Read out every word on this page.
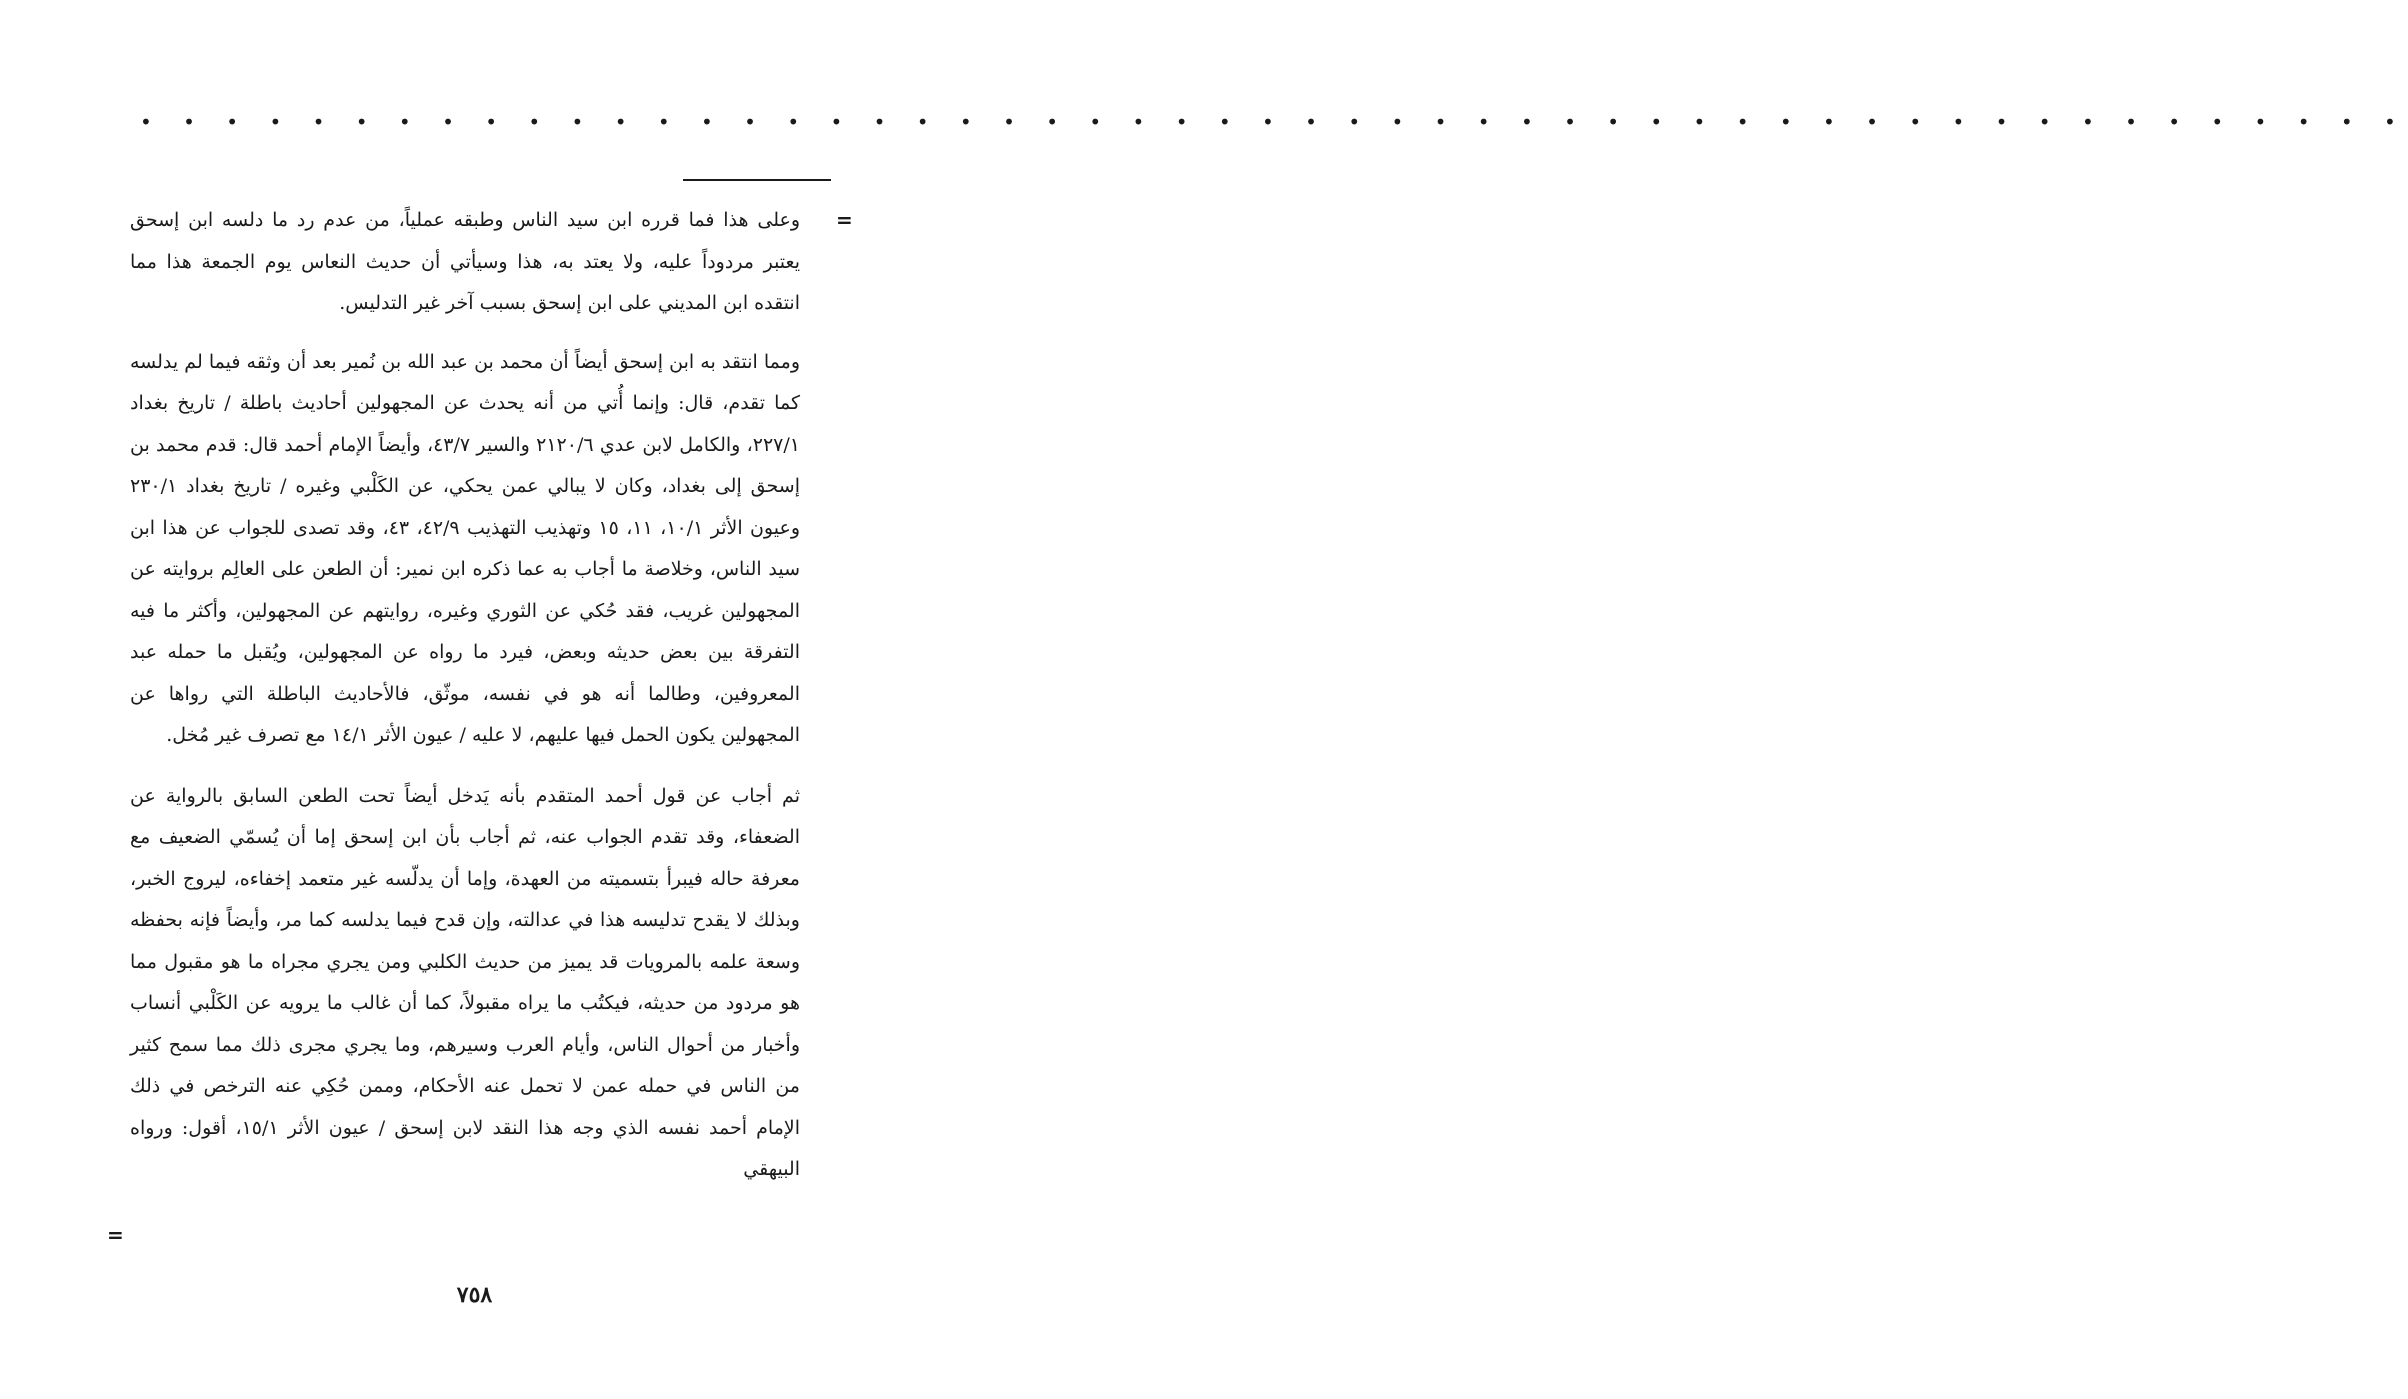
• • • • • • • • • • • • • • • • • • • • • • • • • • • • • • • • • • • • • • • • • • • • • • • • • • • • •
=

وعلى هذا فما قرره ابن سيد الناس وطبقه عملياً، من عدم رد ما دلسه ابن إسحق يعتبر مردوداً عليه، ولا يعتد به، هذا وسيأتي أن حديث النعاس يوم الجمعة هذا مما انتقده ابن المديني على ابن إسحق بسبب آخر غير التدليس.

ومما انتقد به ابن إسحق أيضاً أن محمد بن عبد الله بن نُمير بعد أن وثقه فيما لم يدلسه كما تقدم، قال: وإنما أُتي من أنه يحدث عن المجهولين أحاديث باطلة / تاريخ بغداد ٢٢٧/١، والكامل لابن عدي ٢١٢٠/٦ والسير ٤٣/٧، وأيضاً الإمام أحمد قال: قدم محمد بن إسحق إلى بغداد، وكان لا يبالي عمن يحكي، عن الكَلْبي وغيره / تاريخ بغداد ٢٣٠/١ وعيون الأثر ١٠/١، ١١، ١٥ وتهذيب التهذيب ٤٢/٩، ٤٣، وقد تصدى للجواب عن هذا ابن سيد الناس، وخلاصة ما أجاب به عما ذكره ابن نمير: أن الطعن على العالِم بروايته عن المجهولين غريب، فقد حُكي عن الثوري وغيره، روايتهم عن المجهولين، وأكثر ما فيه التفرقة بين بعض حديثه وبعض، فيرد ما رواه عن المجهولين، ويُقبل ما حمله عبد المعروفين، وطالما أنه هو في نفسه، موثّق، فالأحاديث الباطلة التي رواها عن المجهولين يكون الحمل فيها عليهم، لا عليه / عيون الأثر ١٤/١ مع تصرف غير مُخل.

ثم أجاب عن قول أحمد المتقدم بأنه يَدخل أيضاً تحت الطعن السابق بالرواية عن الضعفاء، وقد تقدم الجواب عنه، ثم أجاب بأن ابن إسحق إما أن يُسمّي الضعيف مع معرفة حاله فيبرأ بتسميته من العهدة، وإما أن يدلّسه غير متعمد إخفاءه، ليروج الخبر، وبذلك لا يقدح تدليسه هذا في عدالته، وإن قدح فيما يدلسه كما مر، وأيضاً فإنه بحفظه وسعة علمه بالمرويات قد يميز من حديث الكلبي ومن يجري مجراه ما هو مقبول مما هو مردود من حديثه، فيكتُب ما يراه مقبولاً، كما أن غالب ما يرويه عن الكَلْبي أنساب وأخبار من أحوال الناس، وأيام العرب وسيرهم، وما يجري مجرى ذلك مما سمح كثير من الناس في حمله عمن لا تحمل عنه الأحكام، وممن حُكِي عنه الترخص في ذلك الإمام أحمد نفسه الذي وجه هذا النقد لابن إسحق / عيون الأثر ١٥/١، أقول: ورواه البيهقي

=
٧٥٨
